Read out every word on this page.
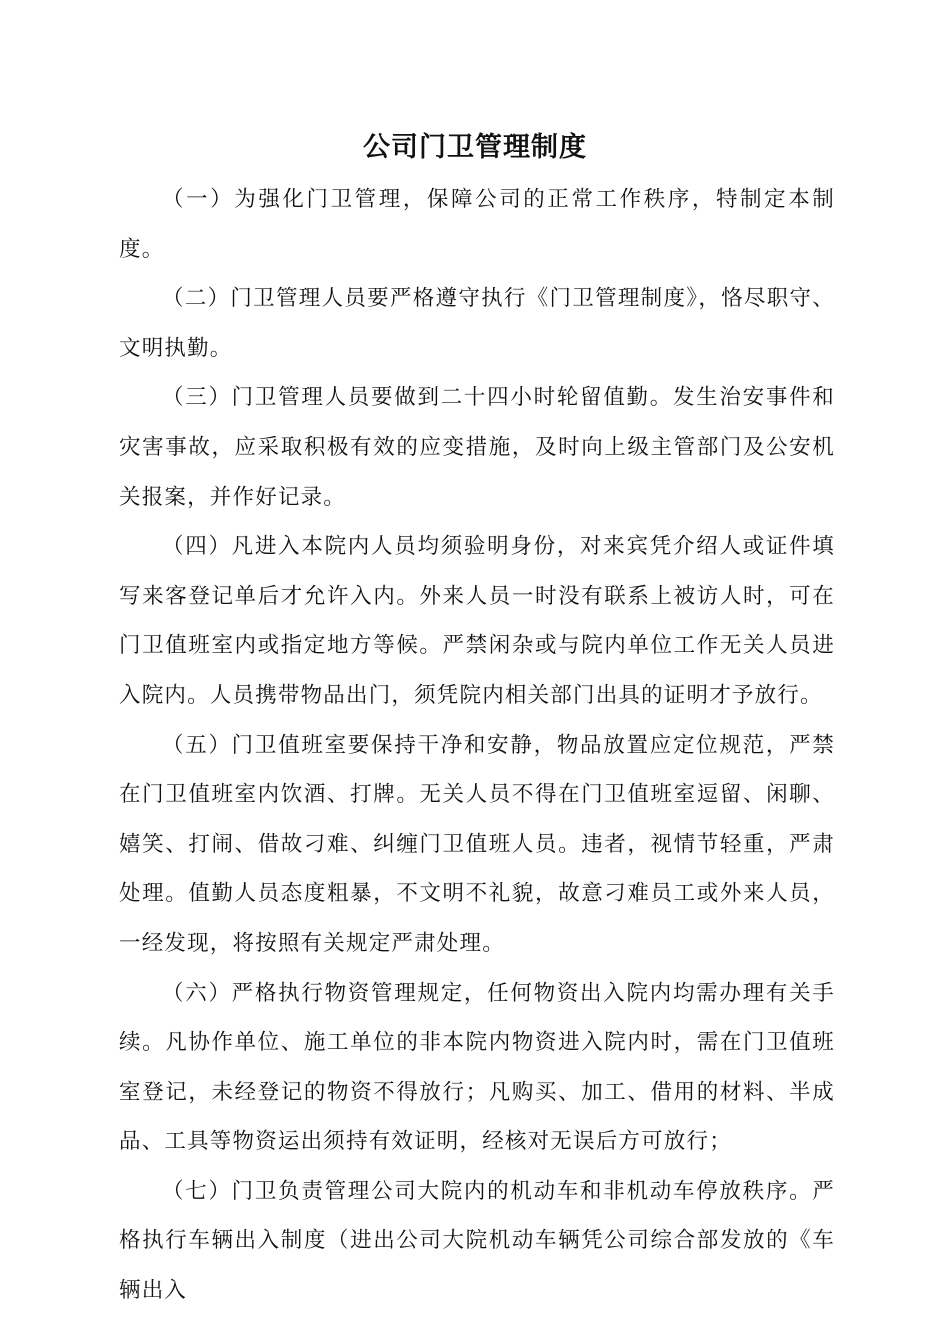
公司门卫管理制度

（一）为强化门卫管理，保障公司的正常工作秩序，特制定本制度。

（二）门卫管理人员要严格遵守执行《门卫管理制度》，恪尽职守、文明执勤。

（三）门卫管理人员要做到二十四小时轮留值勤。发生治安事件和灾害事故，应采取积极有效的应变措施，及时向上级主管部门及公安机关报案，并作好记录。

（四）凡进入本院内人员均须验明身份，对来宾凭介绍人或证件填写来客登记单后才允许入内。外来人员一时没有联系上被访人时，可在门卫值班室内或指定地方等候。严禁闲杂或与院内单位工作无关人员进入院内。人员携带物品出门，须凭院内相关部门出具的证明才予放行。

（五）门卫值班室要保持干净和安静，物品放置应定位规范，严禁在门卫值班室内饮酒、打牌。无关人员不得在门卫值班室逗留、闲聊、嬉笑、打闹、借故刁难、纠缠门卫值班人员。违者，视情节轻重，严肃处理。值勤人员态度粗暴，不文明不礼貌，故意刁难员工或外来人员，一经发现，将按照有关规定严肃处理。

（六）严格执行物资管理规定，任何物资出入院内均需办理有关手续。凡协作单位、施工单位的非本院内物资进入院内时，需在门卫值班室登记，未经登记的物资不得放行；凡购买、加工、借用的材料、半成品、工具等物资运出须持有效证明，经核对无误后方可放行；

（七）门卫负责管理公司大院内的机动车和非机动车停放秩序。严格执行车辆出入制度（进出公司大院机动车辆凭公司综合部发放的《车辆出入
